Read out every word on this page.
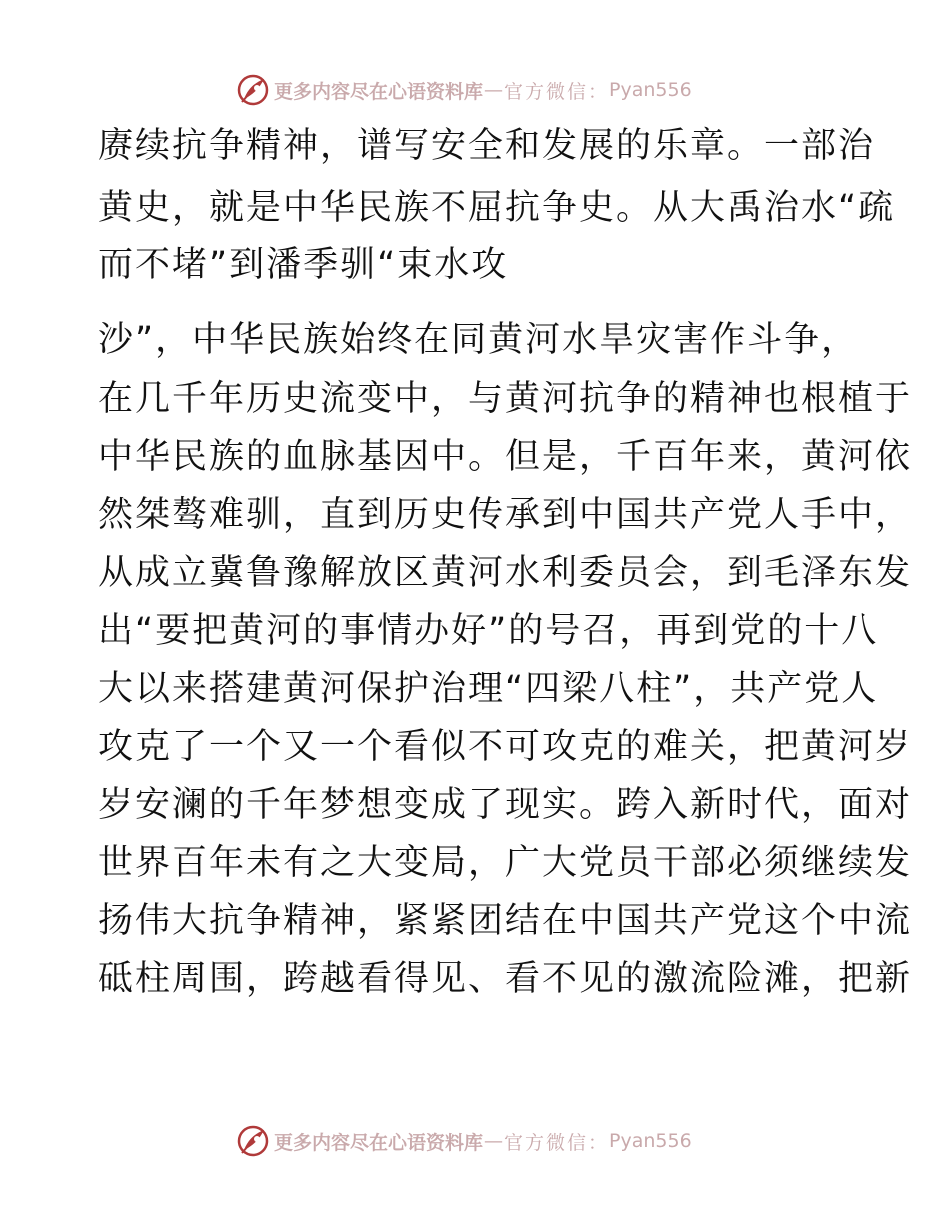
更多内容尽在心语资料库 — 官方微信： Pyan556
赓续抗争精神，谱写安全和发展的乐章。一部治
黄史，就是中华民族不屈抗争史。从大禹治水“疏
而不堵”到潘季驯“束水攻
沙”，中华民族始终在同黄河水旱灾害作斗争，
在几千年历史流变中，与黄河抗争的精神也根植于
中华民族的血脉基因中。但是，千百年来，黄河依
然桀骜难驯，直到历史传承到中国共产党人手中，
从成立冀鲁豫解放区黄河水利委员会，到毛泽东发
出“要把黄河的事情办好”的号召，再到党的十八
大以来搭建黄河保护治理“四梁八柱”，共产党人
攻克了一个又一个看似不可攻克的难关，把黄河岁
岁安澜的千年梦想变成了现实。跨入新时代，面对
世界百年未有之大变局，广大党员干部必须继续发
扬伟大抗争精神，紧紧团结在中国共产党这个中流
砥柱周围，跨越看得见、看不见的激流险滩，把新
更多内容尽在心语资料库 — 官方微信： Pyan556
